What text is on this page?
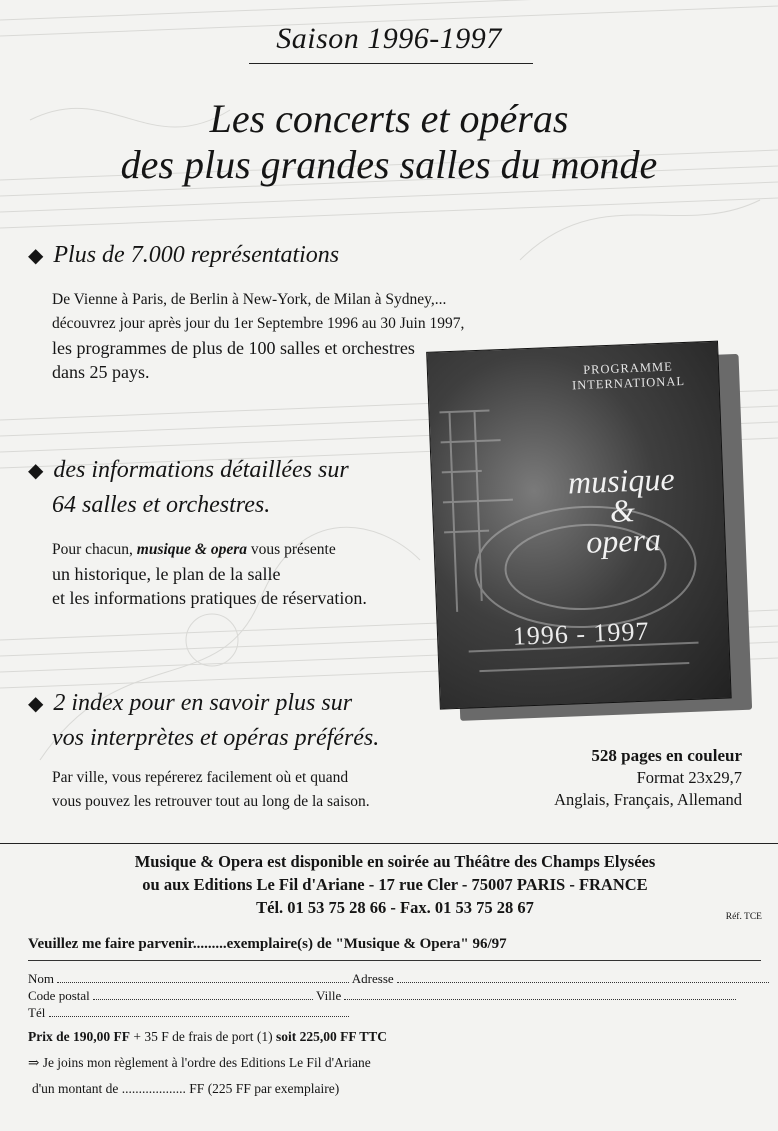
Saison 1996-1997
Les concerts et opéras
des plus grandes salles du monde
◆ Plus de 7.000 représentations
De Vienne à Paris, de Berlin à New-York, de Milan à Sydney,...
découvrez jour après jour du 1er Septembre 1996 au 30 Juin 1997,
les programmes de plus de 100 salles et orchestres
dans 25 pays.
◆ des informations détaillées sur
64 salles et orchestres.
Pour chacun, musique & opera vous présente
un historique, le plan de la salle
et les informations pratiques de réservation.
◆ 2 index pour en savoir plus sur
vos interprètes et opéras préférés.
Par ville, vous repérerez facilement où et quand
vous pouvez les retrouver tout au long de la saison.
PROGRAMME
INTERNATIONAL
musique
&
opera
1996 - 1997
528 pages en couleur
Format 23x29,7
Anglais, Français, Allemand
Musique & Opera est disponible en soirée au Théâtre des Champs Elysées
ou aux Editions Le Fil d'Ariane - 17 rue Cler - 75007 PARIS - FRANCE
Tél. 01 53 75 28 66 - Fax. 01 53 75 28 67	Réf. TCE
Veuillez me faire parvenir.........exemplaire(s) de "Musique & Opera" 96/97
Nom	Adresse
Code postal	Ville
Tél
Prix de 190,00 FF + 35 F de frais de port (1) soit 225,00 FF TTC
⇒ Je joins mon règlement à l'ordre des Editions Le Fil d'Ariane
d'un montant de ................... FF (225 FF par exemplaire)
